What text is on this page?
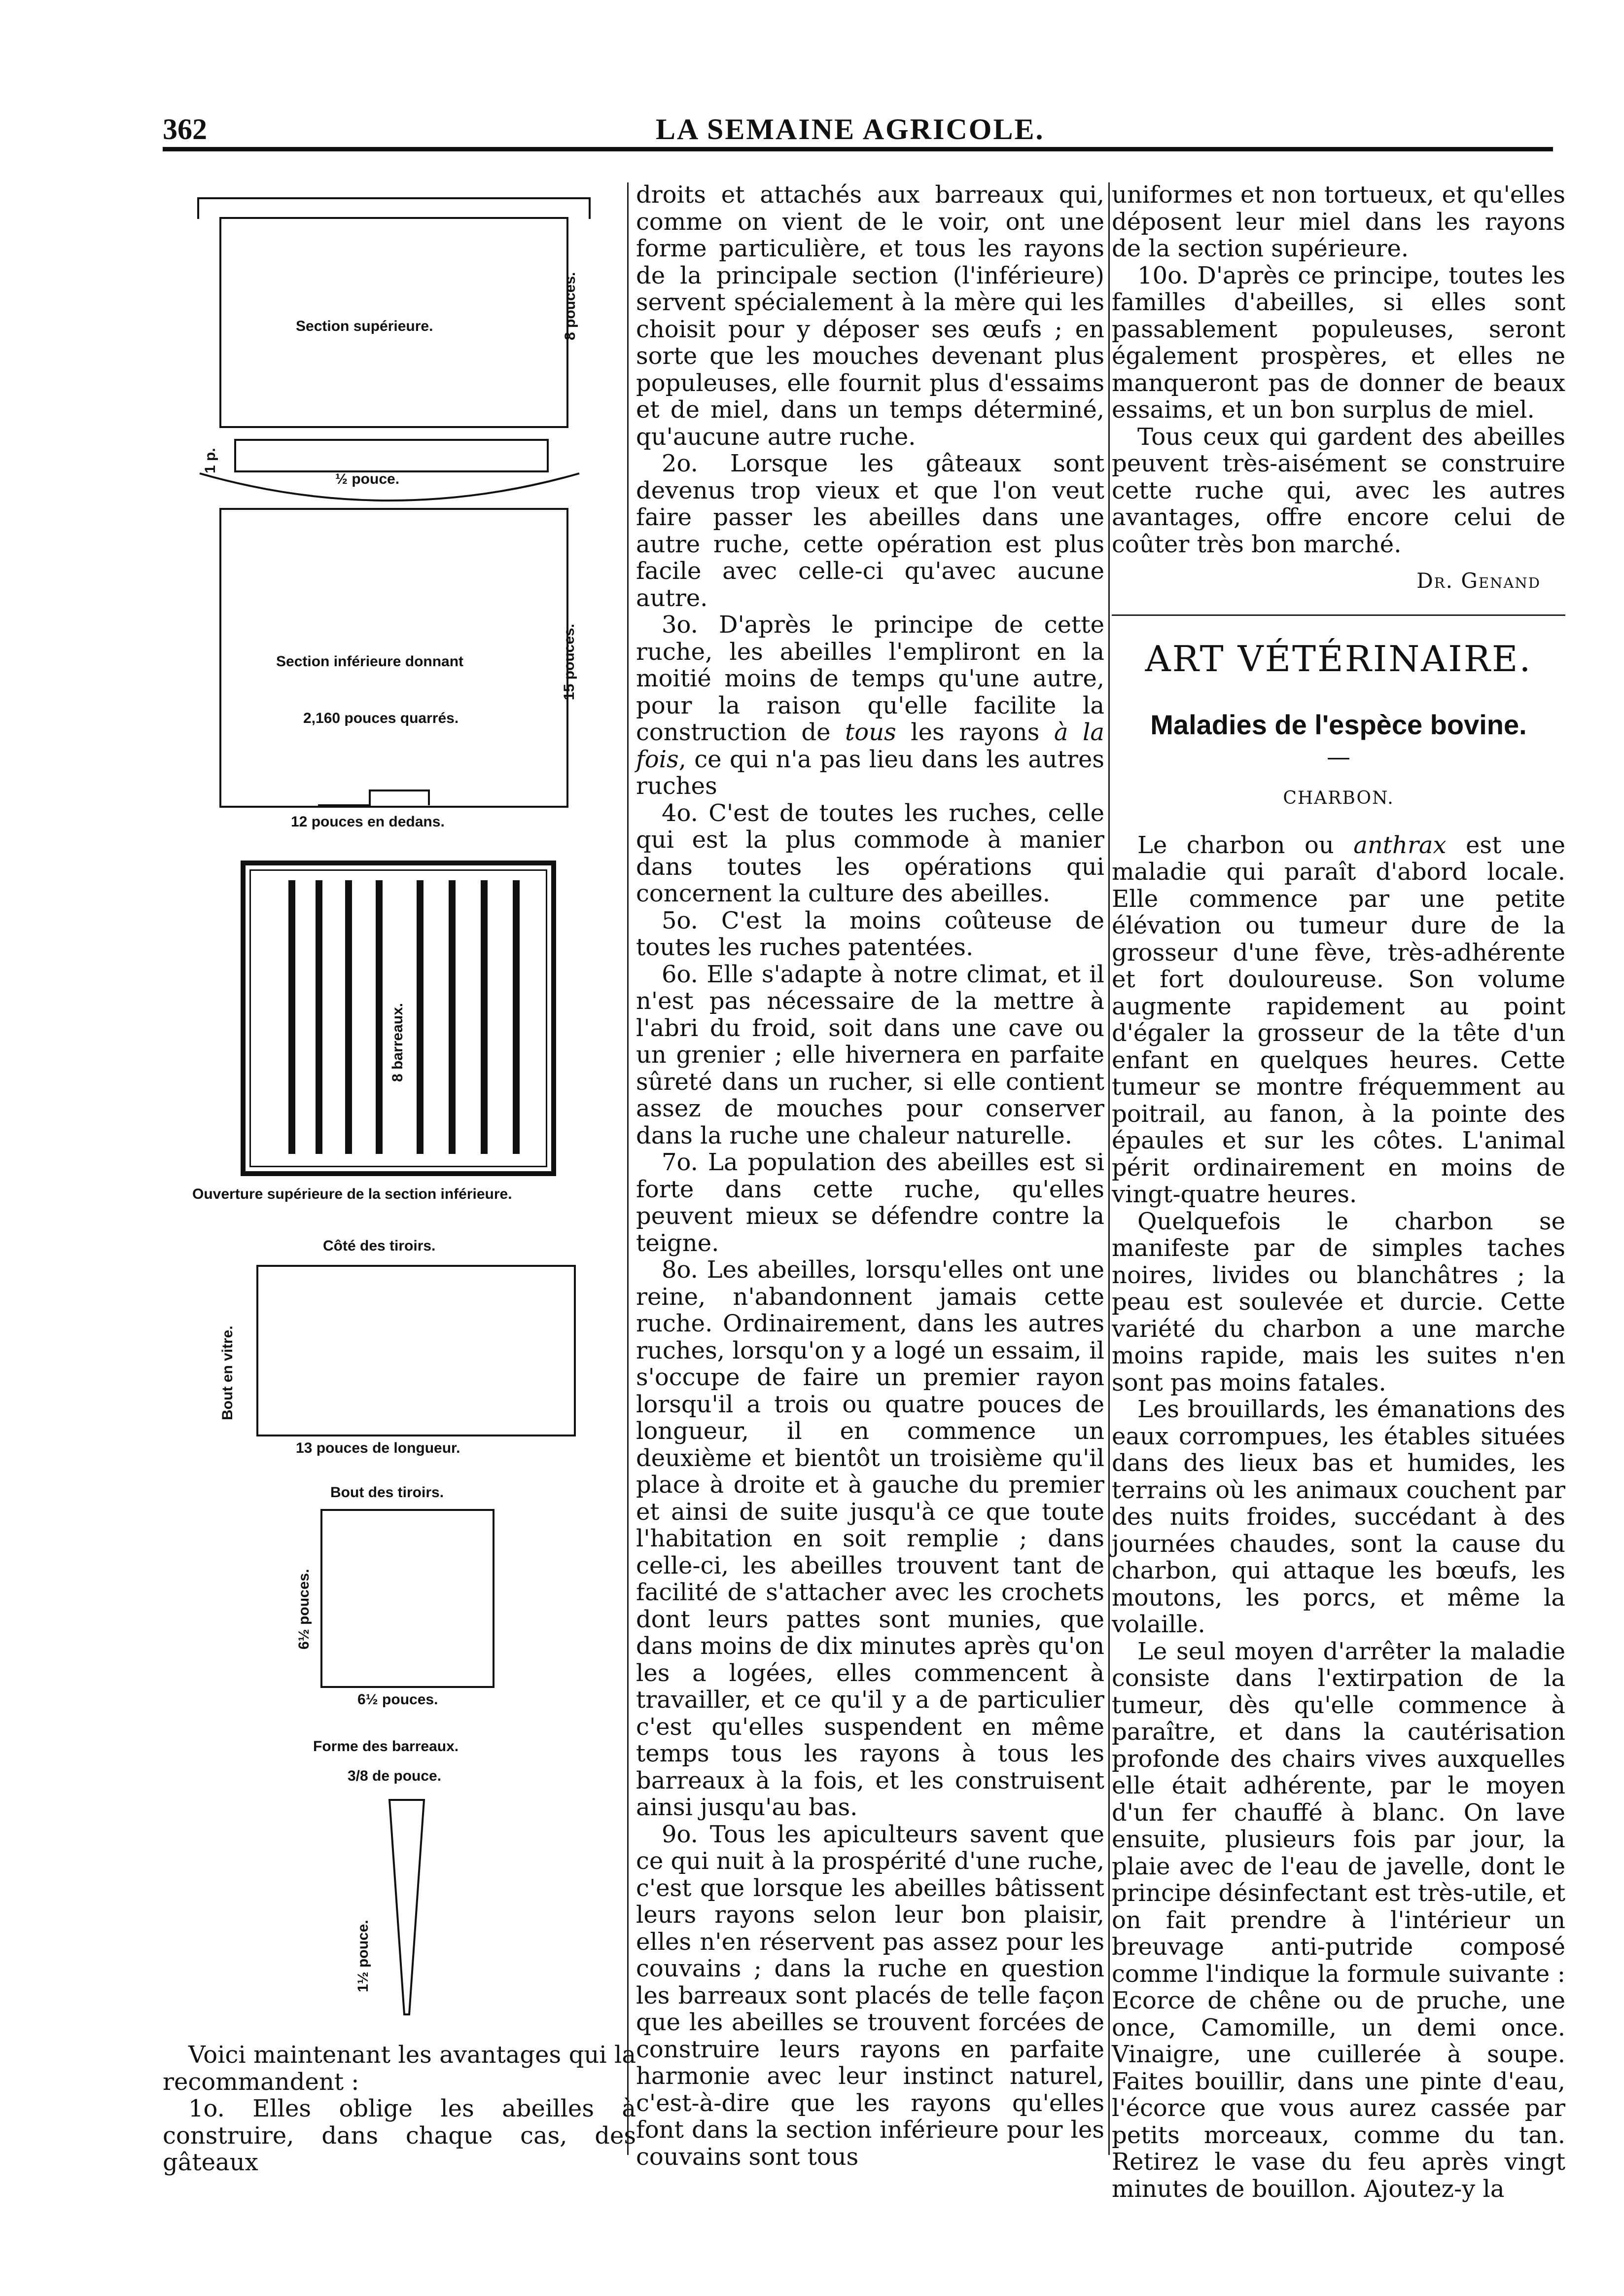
362	LA SEMAINE AGRICOLE.
Section supérieure.	8 pouces.
1 p.
½ pouce.
Section inférieure donnant
2,160 pouces quarrés.
15 pouces.
12 pouces en dedans.
8 barreaux.
Ouverture supérieure de la section inférieure.
Côté des tiroirs.
Bout en vitre.
13 pouces de longueur.
Bout des tiroirs.
6½ pouces.
6½ pouces.
Forme des barreaux.
3/8 de pouce.
1½ pouce.

Voici maintenant les avantages qui la recommandent :

1o. Elles oblige les abeilles à construire, dans chaque cas, des gâteaux

droits et attachés aux barreaux qui, comme on vient de le voir, ont une forme particulière, et tous les rayons de la principale section (l'inférieure) servent spécialement à la mère qui les choisit pour y déposer ses œufs ; en sorte que les mouches devenant plus populeuses, elle fournit plus d'essaims et de miel, dans un temps déterminé, qu'aucune autre ruche.

2o. Lorsque les gâteaux sont devenus trop vieux et que l'on veut faire passer les abeilles dans une autre ruche, cette opération est plus facile avec celle-ci qu'avec aucune autre.

3o. D'après le principe de cette ruche, les abeilles l'empliront en la moitié moins de temps qu'une autre, pour la raison qu'elle facilite la construction de tous les rayons à la fois, ce qui n'a pas lieu dans les autres ruches

4o. C'est de toutes les ruches, celle qui est la plus commode à manier dans toutes les opérations qui concernent la culture des abeilles.

5o. C'est la moins coûteuse de toutes les ruches patentées.

6o. Elle s'adapte à notre climat, et il n'est pas nécessaire de la mettre à l'abri du froid, soit dans une cave ou un grenier ; elle hivernera en parfaite sûreté dans un rucher, si elle contient assez de mouches pour conserver dans la ruche une chaleur naturelle.

7o. La population des abeilles est si forte dans cette ruche, qu'elles peuvent mieux se défendre contre la teigne.

8o. Les abeilles, lorsqu'elles ont une reine, n'abandonnent jamais cette ruche. Ordinairement, dans les autres ruches, lorsqu'on y a logé un essaim, il s'occupe de faire un premier rayon lorsqu'il a trois ou quatre pouces de longueur, il en commence un deuxième et bientôt un troisième qu'il place à droite et à gauche du premier et ainsi de suite jusqu'à ce que toute l'habitation en soit remplie ; dans celle-ci, les abeilles trouvent tant de facilité de s'attacher avec les crochets dont leurs pattes sont munies, que dans moins de dix minutes après qu'on les a logées, elles commencent à travailler, et ce qu'il y a de particulier c'est qu'elles suspendent en même temps tous les rayons à tous les barreaux à la fois, et les construisent ainsi jusqu'au bas.

9o. Tous les apiculteurs savent que ce qui nuit à la prospérité d'une ruche, c'est que lorsque les abeilles bâtissent leurs rayons selon leur bon plaisir, elles n'en réservent pas assez pour les couvains ; dans la ruche en question les barreaux sont placés de telle façon que les abeilles se trouvent forcées de construire leurs rayons en parfaite harmonie avec leur instinct naturel, c'est-à-dire que les rayons qu'elles font dans la section inférieure pour les couvains sont tous

uniformes et non tortueux, et qu'elles déposent leur miel dans les rayons de la section supérieure.

10o. D'après ce principe, toutes les familles d'abeilles, si elles sont passablement populeuses, seront également prospères, et elles ne manqueront pas de donner de beaux essaims, et un bon surplus de miel.

Tous ceux qui gardent des abeilles peuvent très-aisément se construire cette ruche qui, avec les autres avantages, offre encore celui de coûter très bon marché.

Dr. Genand

ART VÉTÉRINAIRE.

Maladies de l'espèce bovine.

—

CHARBON.

Le charbon ou anthrax est une maladie qui paraît d'abord locale. Elle commence par une petite élévation ou tumeur dure de la grosseur d'une fève, très-adhérente et fort douloureuse. Son volume augmente rapidement au point d'égaler la grosseur de la tête d'un enfant en quelques heures. Cette tumeur se montre fréquemment au poitrail, au fanon, à la pointe des épaules et sur les côtes. L'animal périt ordinairement en moins de vingt-quatre heures.

Quelquefois le charbon se manifeste par de simples taches noires, livides ou blanchâtres ; la peau est soulevée et durcie. Cette variété du charbon a une marche moins rapide, mais les suites n'en sont pas moins fatales.

Les brouillards, les émanations des eaux corrompues, les étables situées dans des lieux bas et humides, les terrains où les animaux couchent par des nuits froides, succédant à des journées chaudes, sont la cause du charbon, qui attaque les bœufs, les moutons, les porcs, et même la volaille.

Le seul moyen d'arrêter la maladie consiste dans l'extirpation de la tumeur, dès qu'elle commence à paraître, et dans la cautérisation profonde des chairs vives auxquelles elle était adhérente, par le moyen d'un fer chauffé à blanc. On lave ensuite, plusieurs fois par jour, la plaie avec de l'eau de javelle, dont le principe désinfectant est très-utile, et on fait prendre à l'intérieur un breuvage anti-putride composé comme l'indique la formule suivante : Ecorce de chêne ou de pruche, une once, Camomille, un demi once. Vinaigre, une cuillerée à soupe. Faites bouillir, dans une pinte d'eau, l'écorce que vous aurez cassée par petits morceaux, comme du tan. Retirez le vase du feu après vingt minutes de bouillon. Ajoutez-y la
